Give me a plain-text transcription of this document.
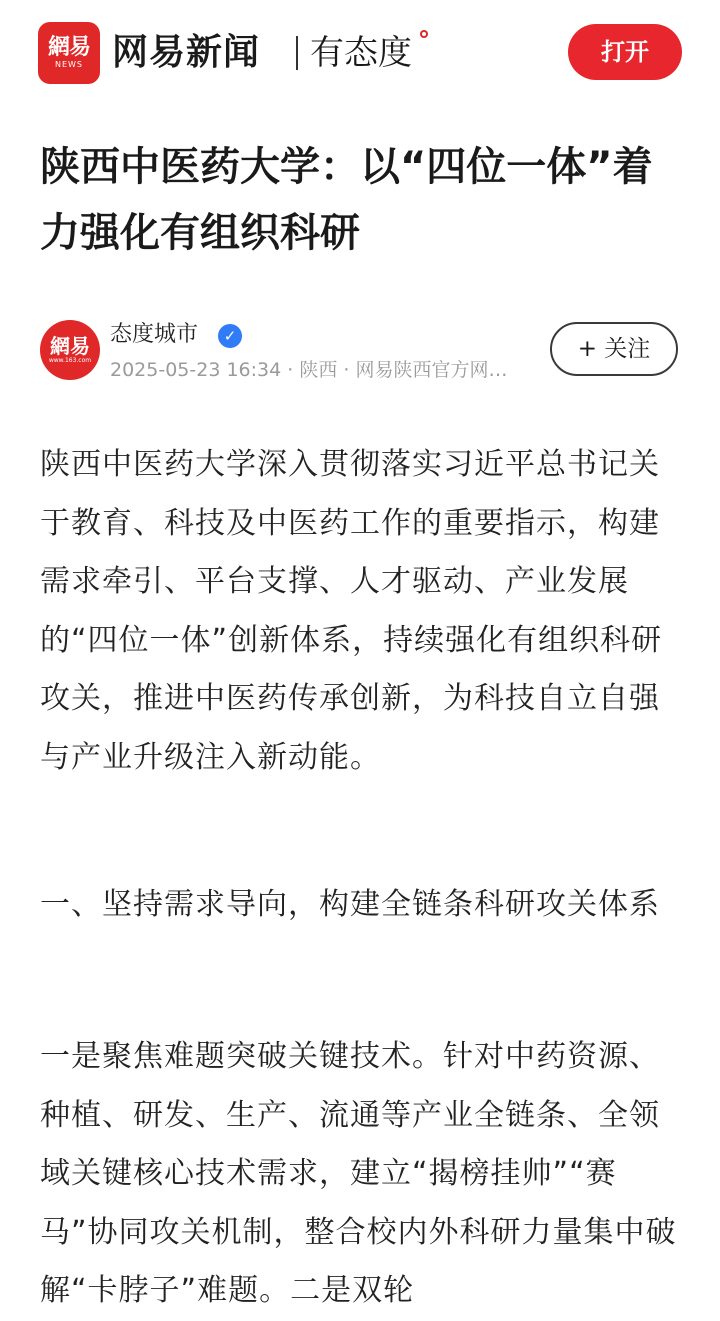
網易
NEWS 网易新闻 有态度	打开
陕西中医药大学：以“四位一体”着力强化有组织科研
網易
www.163.com
态度城市	✓
2025-05-23 16:34 · 陕西 · 网易陕西官方网…
+ 关注

陕西中医药大学深入贯彻落实习近平总书记关于教育、科技及中医药工作的重要指示，构建需求牵引、平台支撑、人才驱动、产业发展的“四位一体”创新体系，持续强化有组织科研攻关，推进中医药传承创新，为科技自立自强与产业升级注入新动能。

一、坚持需求导向，构建全链条科研攻关体系

一是聚焦难题突破关键技术。针对中药资源、种植、研发、生产、流通等产业全链条、全领域关键核心技术需求，建立“揭榜挂帅”“赛马”协同攻关机制，整合校内外科研力量集中破解“卡脖子”难题。二是双轮
